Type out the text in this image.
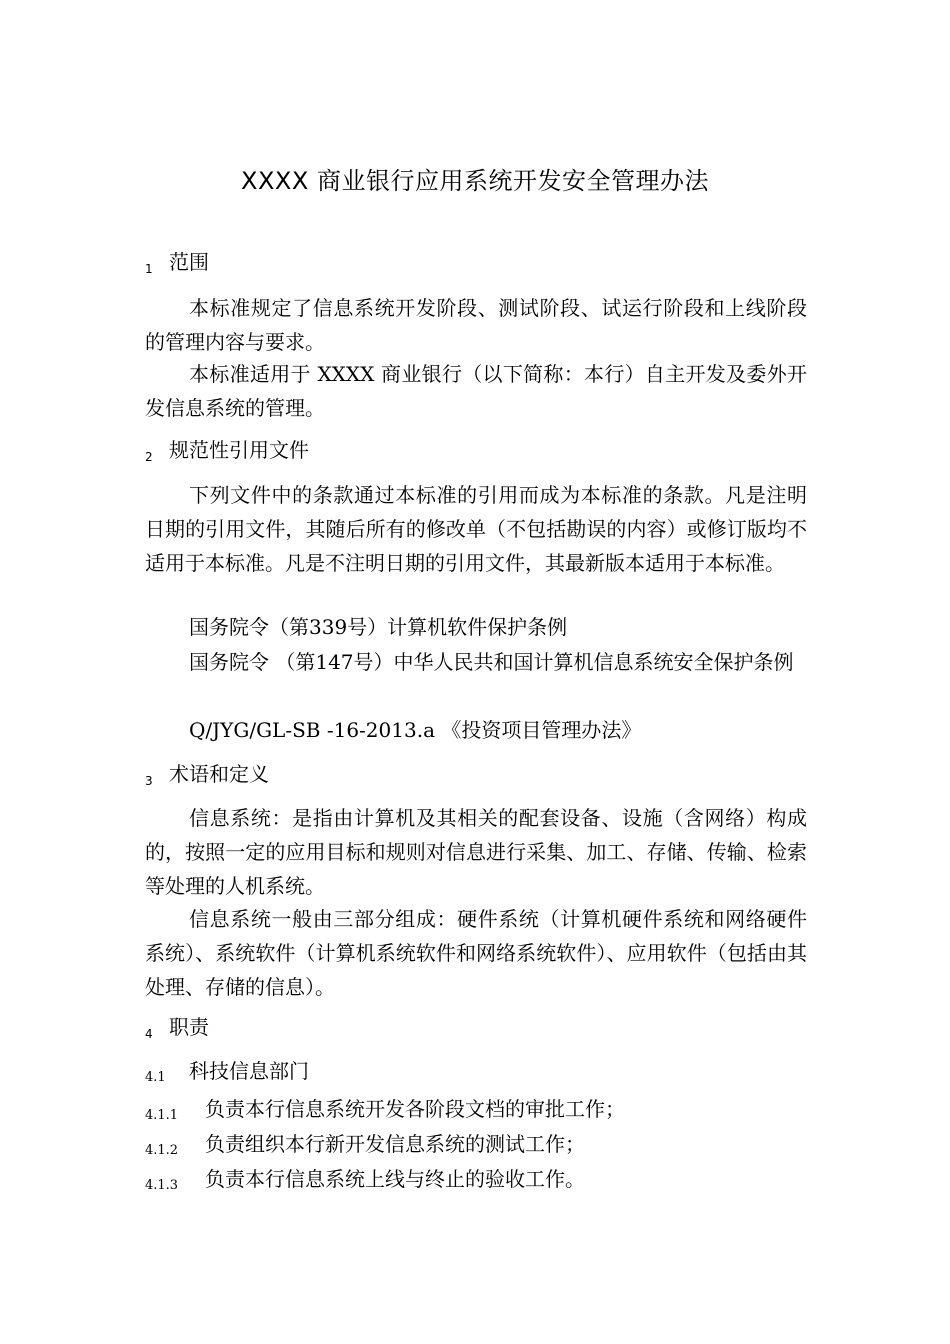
XXXX 商业银行应用系统开发安全管理办法
1 范围
本标准规定了信息系统开发阶段、测试阶段、试运行阶段和上线阶段的管理内容与要求。
本标准适用于 XXXX 商业银行（以下简称：本行）自主开发及委外开发信息系统的管理。
2 规范性引用文件
下列文件中的条款通过本标准的引用而成为本标准的条款。凡是注明日期的引用文件，其随后所有的修改单（不包括勘误的内容）或修订版均不适用于本标准。凡是不注明日期的引用文件，其最新版本适用于本标准。
国务院令（第339号）计算机软件保护条例
国务院令 （第147号）中华人民共和国计算机信息系统安全保护条例
Q/JYG/GL-SB -16-2013.a 《投资项目管理办法》
3 术语和定义
信息系统：是指由计算机及其相关的配套设备、设施（含网络）构成的，按照一定的应用目标和规则对信息进行采集、加工、存储、传输、检索等处理的人机系统。
信息系统一般由三部分组成：硬件系统（计算机硬件系统和网络硬件系统）、系统软件（计算机系统软件和网络系统软件）、应用软件（包括由其处理、存储的信息）。
4 职责
4.1 科技信息部门
4.1.1 负责本行信息系统开发各阶段文档的审批工作；
4.1.2 负责组织本行新开发信息系统的测试工作；
4.1.3 负责本行信息系统上线与终止的验收工作。
